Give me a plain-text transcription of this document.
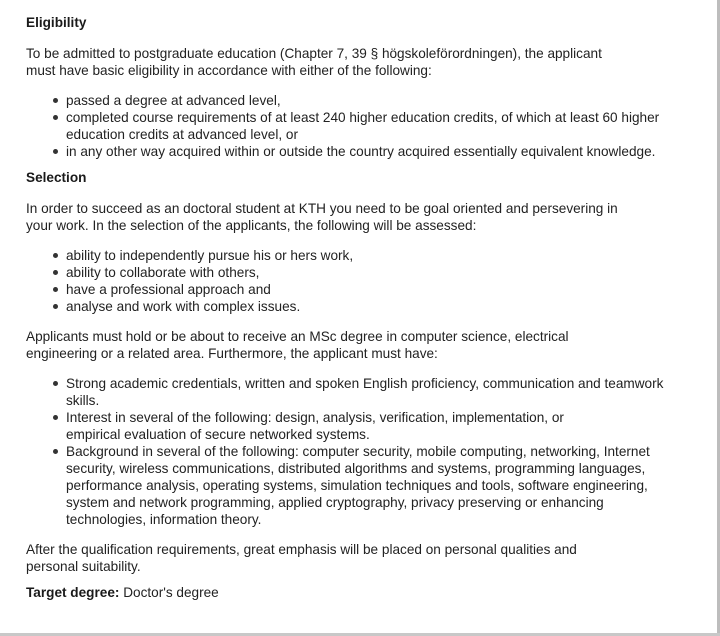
Eligibility

To be admitted to postgraduate education (Chapter 7, 39 § högskoleförordningen), the applicant must have basic eligibility in accordance with either of the following:

passed a degree at advanced level,
completed course requirements of at least 240 higher education credits, of which at least 60 higher education credits at advanced level, or
in any other way acquired within or outside the country acquired essentially equivalent knowledge.
Selection

In order to succeed as an doctoral student at KTH you need to be goal oriented and persevering in your work. In the selection of the applicants, the following will be assessed:

ability to independently pursue his or hers work,
ability to collaborate with others,
have a professional approach and
analyse and work with complex issues.

Applicants must hold or be about to receive an MSc degree in computer science, electrical engineering or a related area. Furthermore, the applicant must have:

Strong academic credentials, written and spoken English proficiency, communication and teamwork skills.
Interest in several of the following: design, analysis, verification, implementation, or empirical evaluation of secure networked systems.
Background in several of the following: computer security, mobile computing, networking, Internet security, wireless communications, distributed algorithms and systems, programming languages, performance analysis, operating systems, simulation techniques and tools, software engineering, system and network programming, applied cryptography, privacy preserving or enhancing technologies, information theory.

After the qualification requirements, great emphasis will be placed on personal qualities and personal suitability.

Target degree: Doctor's degree
